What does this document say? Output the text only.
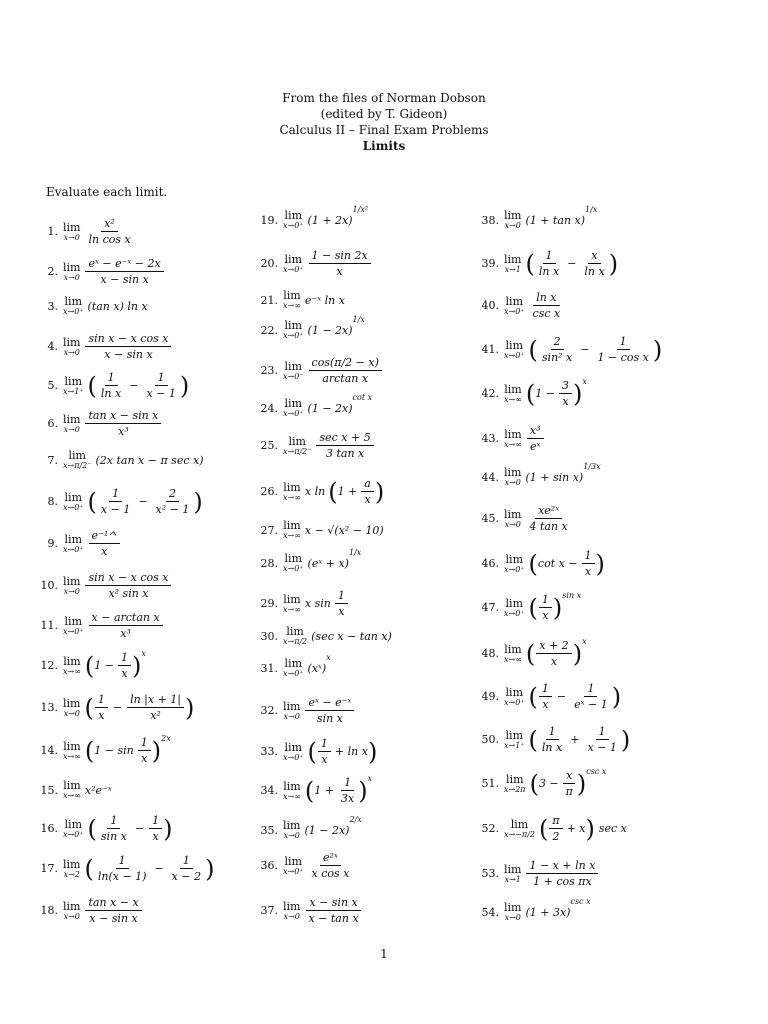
From the files of Norman Dobson
(edited by T. Gideon)
Calculus II – Final Exam Problems
Limits
Evaluate each limit.
1. lim
$x\to 0 \frac{\text{x²}}{\text{ln cos x}}$
2. lim
$x\to 0 \frac{\text{eˣ − e⁻ˣ − 2x}}{\text{x − sin x}}$
3. lim
x→0⁺ (tan x) ln x
4. lim
$x\to 0 \frac{\text{sin x − x cos x}}{\text{x − sin x}}$
5. lim
x→1⁺ ( $\frac{1}{\text{ln x}} - \frac{1}{x - 1}$ )
6. lim
$x\to 0 \frac{\text{tan x − sin x}}{\text{x³}}$
7. lim
x→π/2⁻ (2x tan x − π sec x)
8. lim
x→0⁺ ( $\frac{1}{x - 1} - \frac{2}{\text{x² − 1}}$ )
9. lim
$x\to 0^+ \frac{\text{e⁻¹ᐟˣ}}{x}$
10. lim
$x\to 0 \frac{\text{sin x − x cos x}}{\text{x² sin x}}$
11. lim
$x\to 0^+ \frac{\text{x − arctan x}}{\text{x³}}$
12. lim
x→∞ ( $1 - \frac{1}{x}$ ) x
13. lim
x→0 ( $\frac{1}{x} - \frac{\ln |x + 1|}{\text{x²}}$ )
14. lim
x→∞ ( $1 - \sin \frac{1}{x}$ ) 2x
15. lim
x→∞ x²e⁻ˣ
16. lim
x→0⁺ ( $\frac{1}{\text{sin x}} - \frac{1}{x}$ )
17. lim
x→2 ( $\frac{1}{\ln(x - 1)} - \frac{1}{x - 2}$ )
18. lim
$x\to 0 \frac{\text{tan x − x}}{\text{x − sin x}}$
19. lim
x→0⁺ (1 + 2x)
1/x²
20. lim
$x\to 0^+ \frac{1 - \sin 2x}{x}$
21. lim
x→∞ e⁻ˣ ln x
22. lim
x→0⁺ (1 − 2x)
1/x
23. lim
$x\to 0^- \frac{\cos(\pi/2 - x)}{\text{arctan x}}$
24. lim
x→0⁺ (1 − 2x)
cot x
25. lim
$x\to\pi/2^- \frac{\text{sec x + 5}}{\text{3 tan x}}$
26. lim
x→∞ x ln ( $1 + \frac{a}{x}$ )
27. lim
x→∞ x − √(x² − 10)
28. lim
x→0⁺ (eˣ + x)
1/x
29. lim
x→∞ x $\sin \frac{1}{x}$
30. lim
x→π/2 (sec x − tan x)
31. lim
x→0⁺ (xˣ)
x
32. lim
$x\to 0 \frac{\text{eˣ − e⁻ˣ}}{\text{sin x}}$
33. lim
x→0⁺ ( $\frac{1}{x} + \ln x$ )
34. lim
x→∞ ( $1 + \frac{1}{3x}$ ) x
35. lim
x→0 (1 − 2x)
2/x
36. lim
$x\to 0^+ \frac{\text{e²ˣ}}{\text{x cos x}}$
37. lim
$x\to 0 \frac{\text{x − sin x}}{\text{x − tan x}}$
38. lim
x→0 (1 + tan x)
1/x
39. lim
x→1 ( $\frac{1}{\text{ln x}} - \frac{x}{\text{ln x}}$ )
40. lim
$x\to 0^+ \frac{\text{ln x}}{\text{csc x}}$
41. lim
x→0⁺ ( $\frac{2}{\text{sin² x}} - \frac{1}{\text{1 − cos x}}$ )
42. lim
x→∞ ( $1 - \frac{3}{x}$ ) x
43. lim
$x\to\infty \frac{\text{x³}}{\text{eˣ}}$
44. lim
x→0 (1 + sin x)
1/3x
45. lim
$x\to 0 \frac{\text{xe²ˣ}}{\text{4 tan x}}$
46. lim
x→0⁺ ( $\cot x - \frac{1}{x}$ )
47. lim
x→0⁺ ( $\frac{1}{x}$ ) sin x
48. lim
x→∞ ( $\frac{x + 2}{x}$ ) x
49. lim
x→0⁺ ( $\frac{1}{x} - \frac{1}{\text{eˣ − 1}}$ )
50. lim
x→1⁺ ( $\frac{1}{\text{ln x}} + \frac{1}{x - 1}$ )
51. lim
x→2π ( $3 - \frac{x}{\pi}$ ) csc x
52. lim
x→−π/2 ( $\frac{\pi}{2} + x$ ) sec x
53. lim
$x\to 1 \frac{\text{1 − x + ln x}}{\text{1 + cos πx}}$
54. lim
x→0 (1 + 3x)
csc x
1
